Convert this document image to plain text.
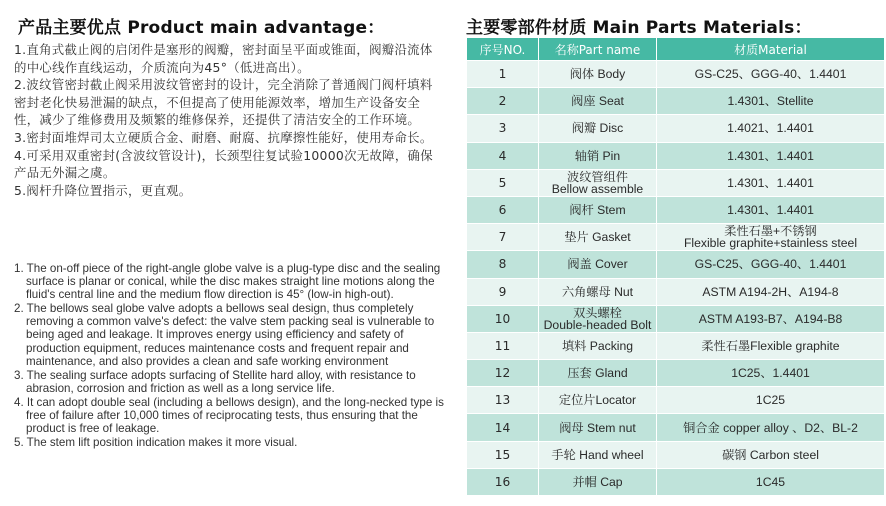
产品主要优点 Product main advantage：
1.直角式截止阀的启闭件是塞形的阀瓣，密封面呈平面或锥面，阀瓣沿流体的中心线作直线运动，介质流向为45°（低进高出）。
2.波纹管密封截止阀采用波纹管密封的设计，完全消除了普通阀门阀杆填料密封老化快易泄漏的缺点，不但提高了使用能源效率，增加生产设备安全性，减少了维修费用及频繁的维修保养，还提供了清洁安全的工作环境。
3.密封面堆焊司太立硬质合金、耐磨、耐腐、抗摩擦性能好，使用寿命长。
4.可采用双重密封(含波纹管设计)，长颈型往复试验10000次无故障，确保产品无外漏之虞。
5.阀杆升降位置指示，更直观。
1. The on-off piece of the right-angle globe valve is a plug-type disc and the sealing surface is planar or conical, while the disc makes straight line motions along the fluid's central line and the medium flow direction is 45° (low-in high-out).
2. The bellows seal globe valve adopts a bellows seal design, thus completely removing a common valve's defect: the valve stem packing seal is vulnerable to being aged and leakage. It improves energy using efficiency and safety of production equipment, reduces maintenance costs and frequent repair and maintenance, and also provides a clean and safe working environment
3. The sealing surface adopts surfacing of Stellite hard alloy, with resistance to abrasion, corrosion and friction as well as a long service life.
4. It can adopt double seal (including a bellows design), and the long-necked type is free of failure after 10,000 times of reciprocating tests, thus ensuring that the product is free of leakage.
5. The stem lift position indication makes it more visual.
主要零部件材质 Main Parts Materials：
序号NO.	名称Part name	材质Material
1	阀体 Body	GS-C25、GGG-40、1.4401
2	阀座 Seat	1.4301、Stellite
3	阀瓣 Disc	1.4021、1.4401
4	轴销 Pin	1.4301、1.4401
5	波纹管组件
Bellow assemble	1.4301、1.4401
6	阀杆 Stem	1.4301、1.4401
7	垫片 Gasket	柔性石墨+不锈钢
Flexible graphite+stainless steel
8	阀盖 Cover	GS-C25、GGG-40、1.4401
9	六角螺母 Nut	ASTM A194-2H、A194-8
10	双头螺栓
Double-headed Bolt	ASTM A193-B7、A194-B8
11	填料 Packing	柔性石墨Flexible graphite
12	压套 Gland	1C25、1.4401
13	定位片Locator	1C25
14	阀母 Stem nut	铜合金 copper alloy 、D2、BL-2
15	手轮 Hand wheel	碳钢 Carbon steel
16	并帽 Cap	1C45
